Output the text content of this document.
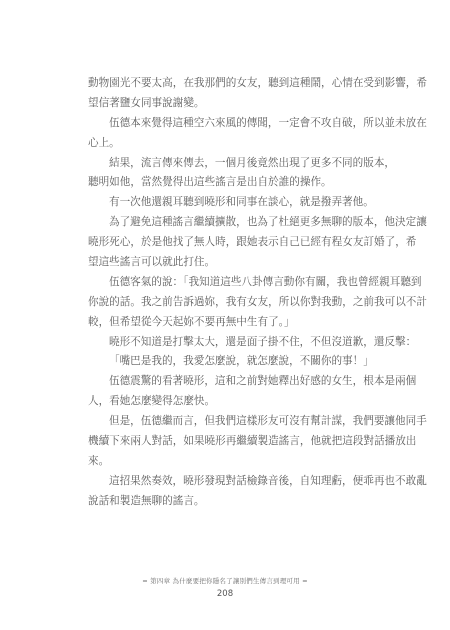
動物園光不要太高，在我那們的女友，聽到這種鬧，心情在受到影響，希
望信著鹽女同事說謝變。
伍德本來覺得這種空六來風的傳聞，一定會不攻自破，所以並未放在
心上。
結果，流言傳來傳去，一個月後竟然出現了更多不同的版本，
聽明如他，當然覺得出這些謠言是出自於誰的操作。
有一次他還親耳聽到曉形和同事在談心，就是撥弄著他。
為了避免這種謠言繼續擴散，也為了杜絕更多無聊的版本，他決定讓
曉形死心，於是他找了無人時，跟她表示自己已經有程女友訂婚了，希
望這些謠言可以就此打住。
伍德客氣的說：「我知道這些八卦傳言動你有關，我也曾經親耳聽到
你說的話。我之前告訴過妳，我有女友，所以你對我動，之前我可以不計
較，但希望從今天起妳不要再無中生有了。」
曉形不知道是打擊太大，還是面子掛不住，不但沒道歉，還反擊：
「嘴巴是我的，我愛怎麼說，就怎麼說，不關你的事！」
伍德震驚的看著曉形，這和之前對她釋出好感的女生，根本是兩個
人，看她怎麼變得怎麼快。
但是，伍德繼而言，但我們這樣形友可沒有幫計謀，我們要讓他同手
機續下來兩人對話，如果曉形再繼續製造謠言，他就把這段對話播放出
來。
這招果然奏效，曉形發現對話檢錄音後，自知理虧，便乖再也不敢亂
說話和製造無聊的謠言。
= 第四章 為什麼要把你隱名了讓別們生傳言到理可用 =
208
